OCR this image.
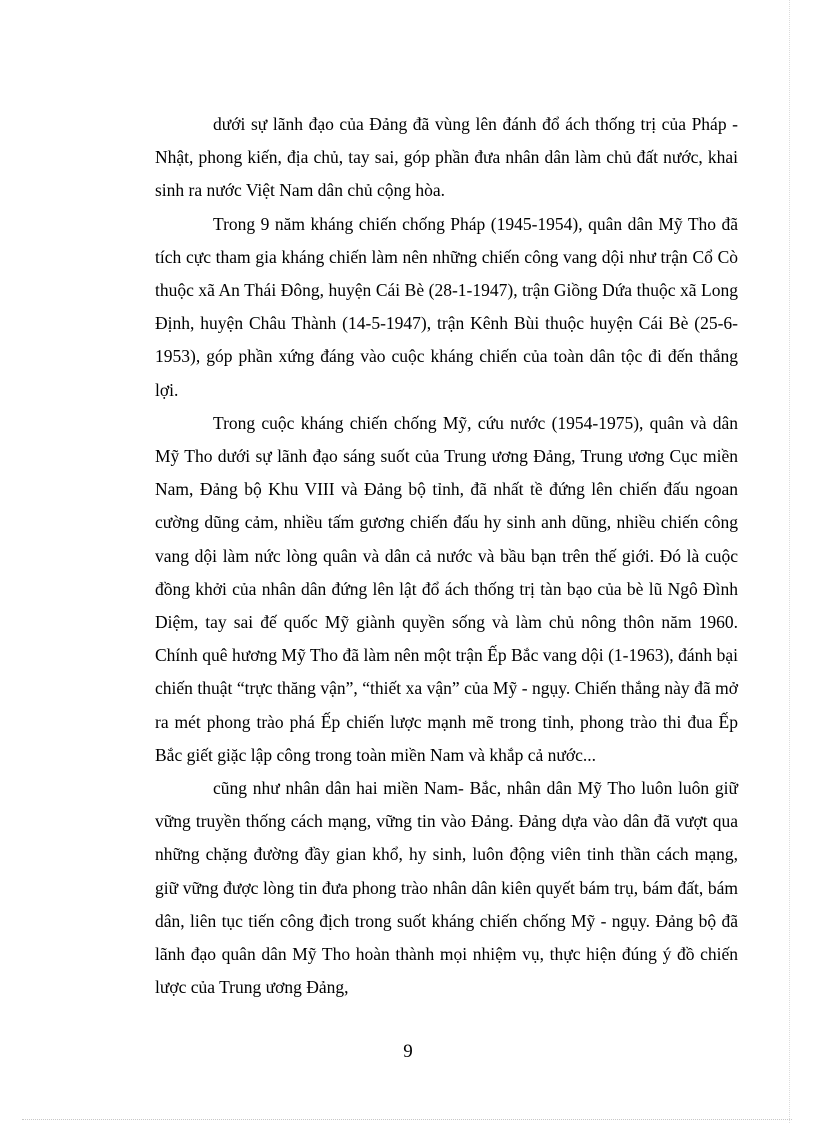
dưới sự lãnh đạo của Đảng đã vùng lên đánh đổ ách thống trị của Pháp - Nhật, phong kiến, địa chủ, tay sai, góp phần đưa nhân dân làm chủ đất nước, khai sinh ra nước Việt Nam dân chủ cộng hòa.

Trong 9 năm kháng chiến chống Pháp (1945-1954), quân dân Mỹ Tho đã tích cực tham gia kháng chiến làm nên những chiến công vang dội như trận Cổ Cò thuộc xã An Thái Đông, huyện Cái Bè (28-1-1947), trận Giồng Dứa thuộc xã Long Định, huyện Châu Thành (14-5-1947), trận Kênh Bùi thuộc huyện Cái Bè (25-6-1953), góp phần xứng đáng vào cuộc kháng chiến của toàn dân tộc đi đến thắng lợi.

Trong cuộc kháng chiến chống Mỹ, cứu nước (1954-1975), quân và dân Mỹ Tho dưới sự lãnh đạo sáng suốt của Trung ương Đảng, Trung ương Cục miền Nam, Đảng bộ Khu VIII và Đảng bộ tỉnh, đã nhất tề đứng lên chiến đấu ngoan cường dũng cảm, nhiều tấm gương chiến đấu hy sinh anh dũng, nhiều chiến công vang dội làm nức lòng quân và dân cả nước và bầu bạn trên thế giới. Đó là cuộc đồng khởi của nhân dân đứng lên lật đổ ách thống trị tàn bạo của bè lũ Ngô Đình Diệm, tay sai đế quốc Mỹ giành quyền sống và làm chủ nông thôn năm 1960. Chính quê hương Mỹ Tho đã làm nên một trận Ếp Bắc vang dội (1-1963), đánh bại chiến thuật “trực thăng vận”, “thiết xa vận” của Mỹ - ngụy. Chiến thắng này đã mở ra mét phong trào phá Ếp chiến lược mạnh mẽ trong tỉnh, phong trào thi đua Ếp Bắc giết giặc lập công trong toàn miền Nam và khắp cả nước...

cũng như nhân dân hai miền Nam- Bắc, nhân dân Mỹ Tho luôn luôn giữ vững truyền thống cách mạng, vững tin vào Đảng. Đảng dựa vào dân đã vượt qua những chặng đường đầy gian khổ, hy sinh, luôn động viên tinh thần cách mạng, giữ vững được lòng tin đưa phong trào nhân dân kiên quyết bám trụ, bám đất, bám dân, liên tục tiến công địch trong suốt kháng chiến chống Mỹ - ngụy. Đảng bộ đã lãnh đạo quân dân Mỹ Tho hoàn thành mọi nhiệm vụ, thực hiện đúng ý đồ chiến lược của Trung ương Đảng,

9
